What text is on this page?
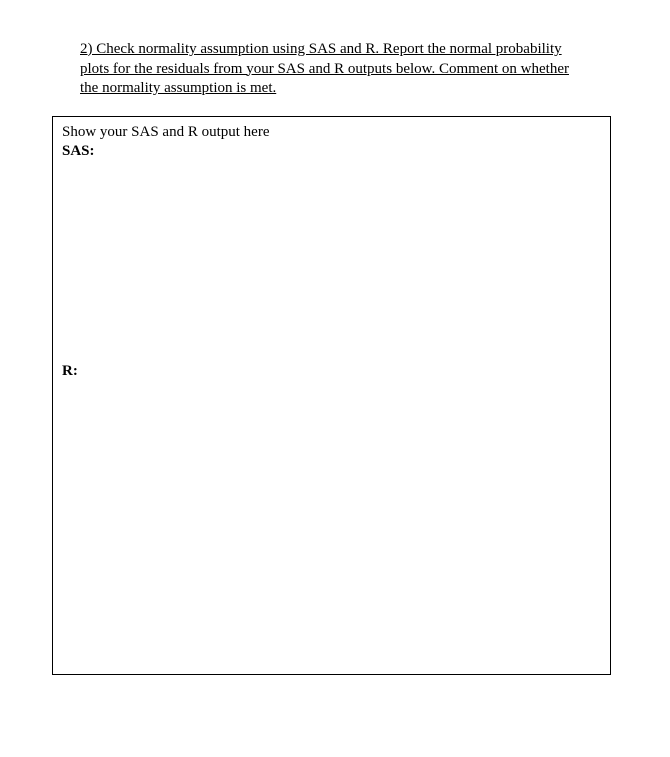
2) Check normality assumption using SAS and R. Report the normal probability
plots for the residuals from your SAS and R outputs below. Comment on whether
the normality assumption is met.
Show your SAS and R output here
SAS:
R:
